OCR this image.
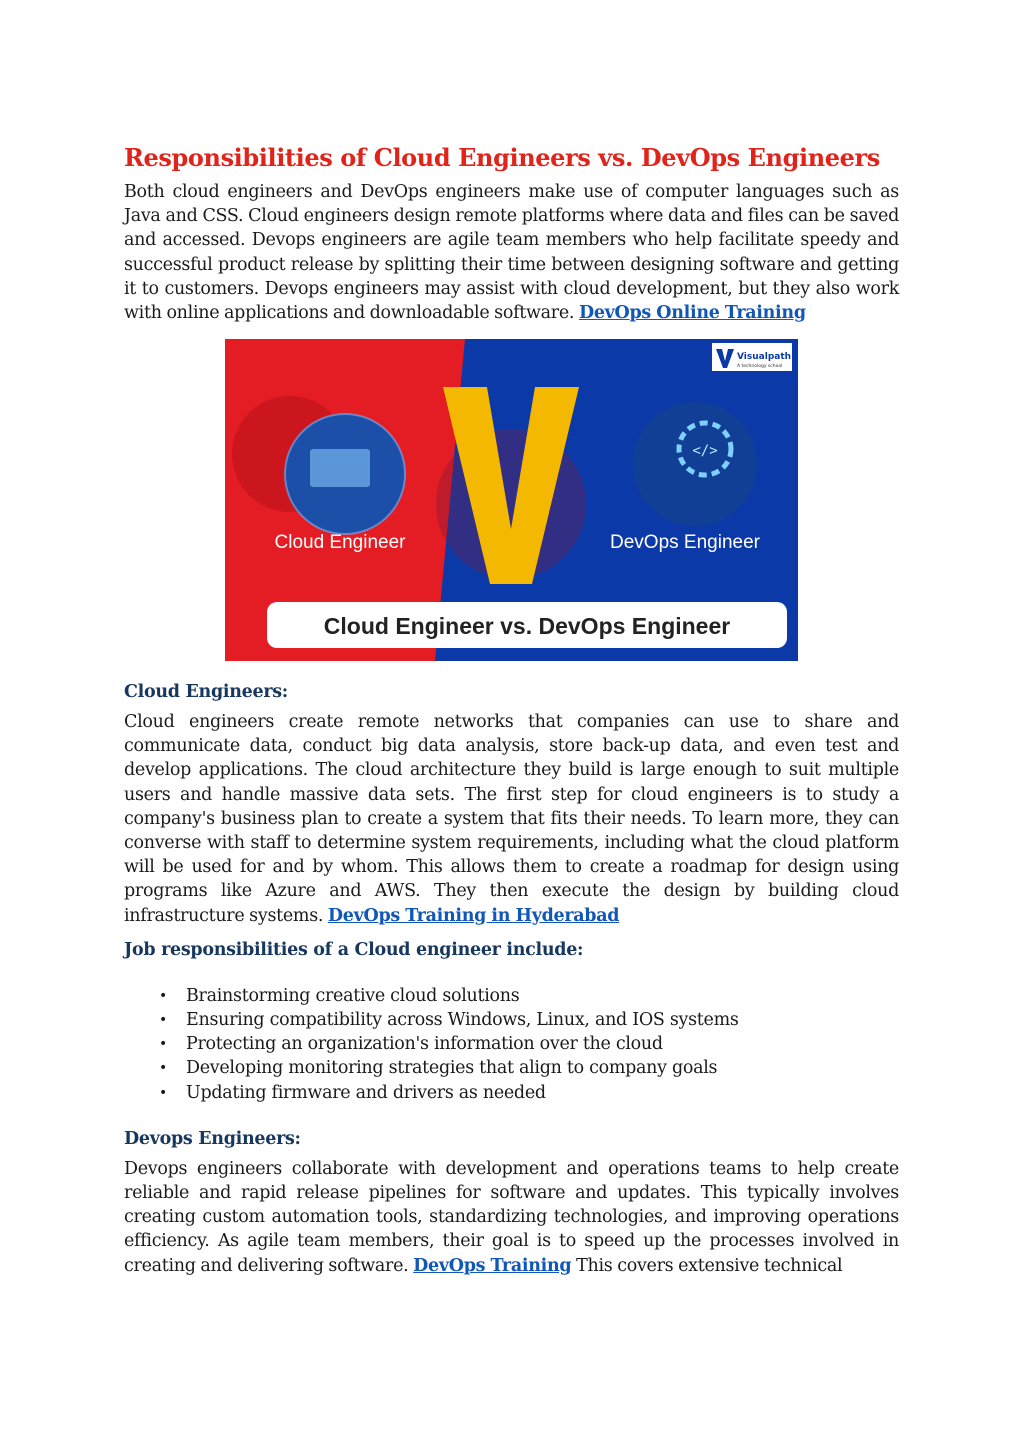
Responsibilities of Cloud Engineers vs. DevOps Engineers

Both cloud engineers and DevOps engineers make use of computer languages such as Java and CSS. Cloud engineers design remote platforms where data and files can be saved and accessed. Devops engineers are agile team members who help facilitate speedy and successful product release by splitting their time between designing software and getting it to customers. Devops engineers may assist with cloud development, but they also work with online applications and downloadable software. DevOps Online Training

</>
Visualpath
A technology school
Cloud Engineer	DevOps Engineer
Cloud Engineer vs. DevOps Engineer
Cloud Engineers:

Cloud engineers create remote networks that companies can use to share and communicate data, conduct big data analysis, store back-up data, and even test and develop applications. The cloud architecture they build is large enough to suit multiple users and handle massive data sets. The first step for cloud engineers is to study a company's business plan to create a system that fits their needs. To learn more, they can converse with staff to determine system requirements, including what the cloud platform will be used for and by whom. This allows them to create a roadmap for design using programs like Azure and AWS. They then execute the design by building cloud infrastructure systems. DevOps Training in Hyderabad

Job responsibilities of a Cloud engineer include:
• Brainstorming creative cloud solutions
• Ensuring compatibility across Windows, Linux, and IOS systems
• Protecting an organization's information over the cloud
• Developing monitoring strategies that align to company goals
• Updating firmware and drivers as needed
Devops Engineers:

Devops engineers collaborate with development and operations teams to help create reliable and rapid release pipelines for software and updates. This typically involves creating custom automation tools, standardizing technologies, and improving operations efficiency. As agile team members, their goal is to speed up the processes involved in creating and delivering software. DevOps Training This covers extensive technical
